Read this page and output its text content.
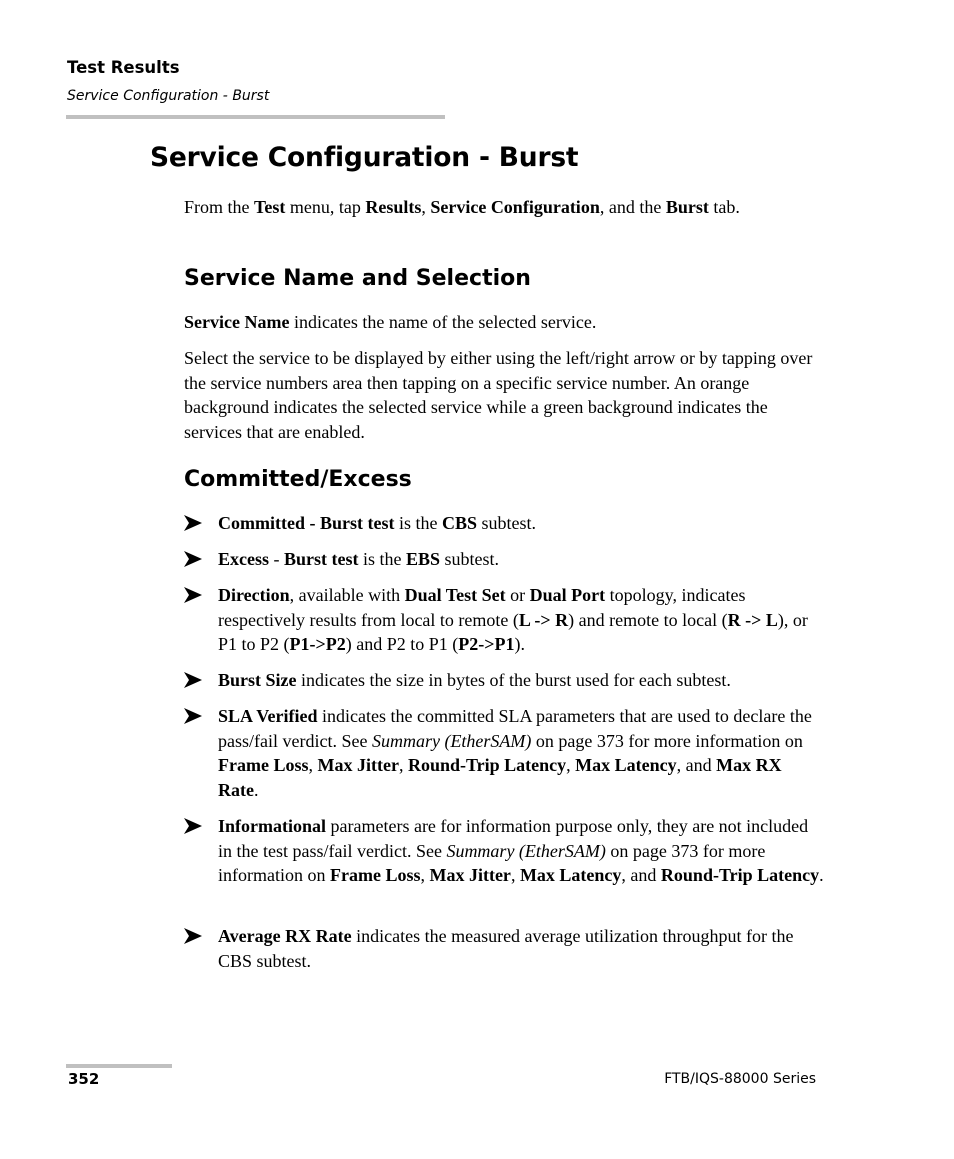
Test Results
Service Configuration - Burst
Service Configuration - Burst

From the Test menu, tap Results, Service Configuration, and the Burst tab.

Service Name and Selection

Service Name indicates the name of the selected service.

Select the service to be displayed by either using the left/right arrow or by tapping over the service numbers area then tapping on a specific service number. An orange background indicates the selected service while a green background indicates the services that are enabled.

Committed/Excess
Committed - Burst test is the CBS subtest.
Excess - Burst test is the EBS subtest.
Direction, available with Dual Test Set or Dual Port topology, indicates respectively results from local to remote (L -> R) and remote to local (R -> L), or P1 to P2 (P1->P2) and P2 to P1 (P2->P1).
Burst Size indicates the size in bytes of the burst used for each subtest.
SLA Verified indicates the committed SLA parameters that are used to declare the pass/fail verdict. See Summary (EtherSAM) on page 373 for more information on Frame Loss, Max Jitter, Round-Trip Latency, Max Latency, and Max RX Rate.
Informational parameters are for information purpose only, they are not included in the test pass/fail verdict. See Summary (EtherSAM) on page 373 for more information on Frame Loss, Max Jitter, Max Latency, and Round-Trip Latency.
Average RX Rate indicates the measured average utilization throughput for the CBS subtest.
352	FTB/IQS-88000 Series
